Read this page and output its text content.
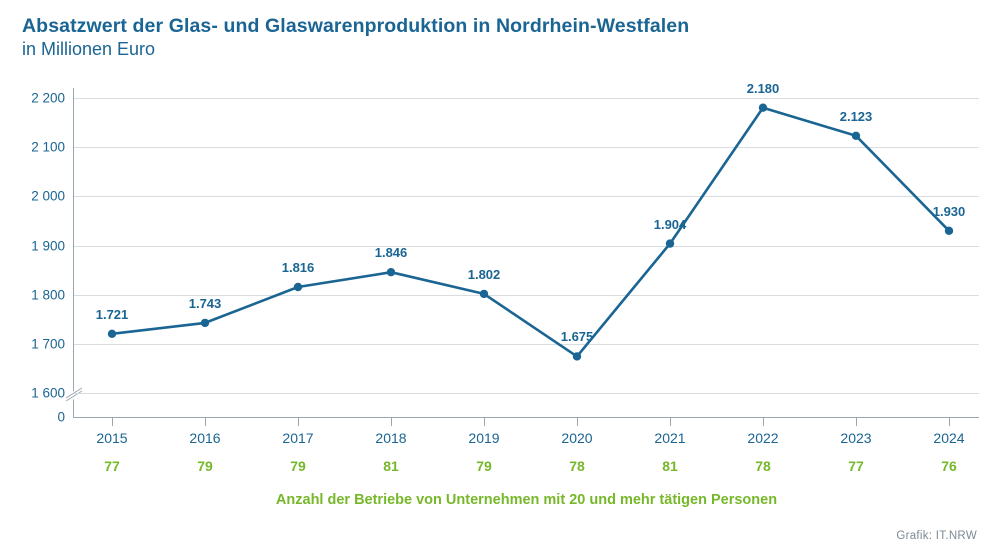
Absatzwert der Glas- und Glaswarenproduktion in Nordrhein-Westfalen
in Millionen Euro
1 600
1 700
1 800
1 900
2 000
2 100
2 200
0
1.721
1.743
1.816
1.846
1.802
1.675
1.904
2.180
2.123
1.930
Anzahl der Betriebe von Unternehmen mit 20 und mehr tätigen Personen
2015
77
2016
79
2017
79
2018
81
2019
79
2020
78
2021
81
2022
78
2023
77
2024
76
Grafik: IT.NRW
